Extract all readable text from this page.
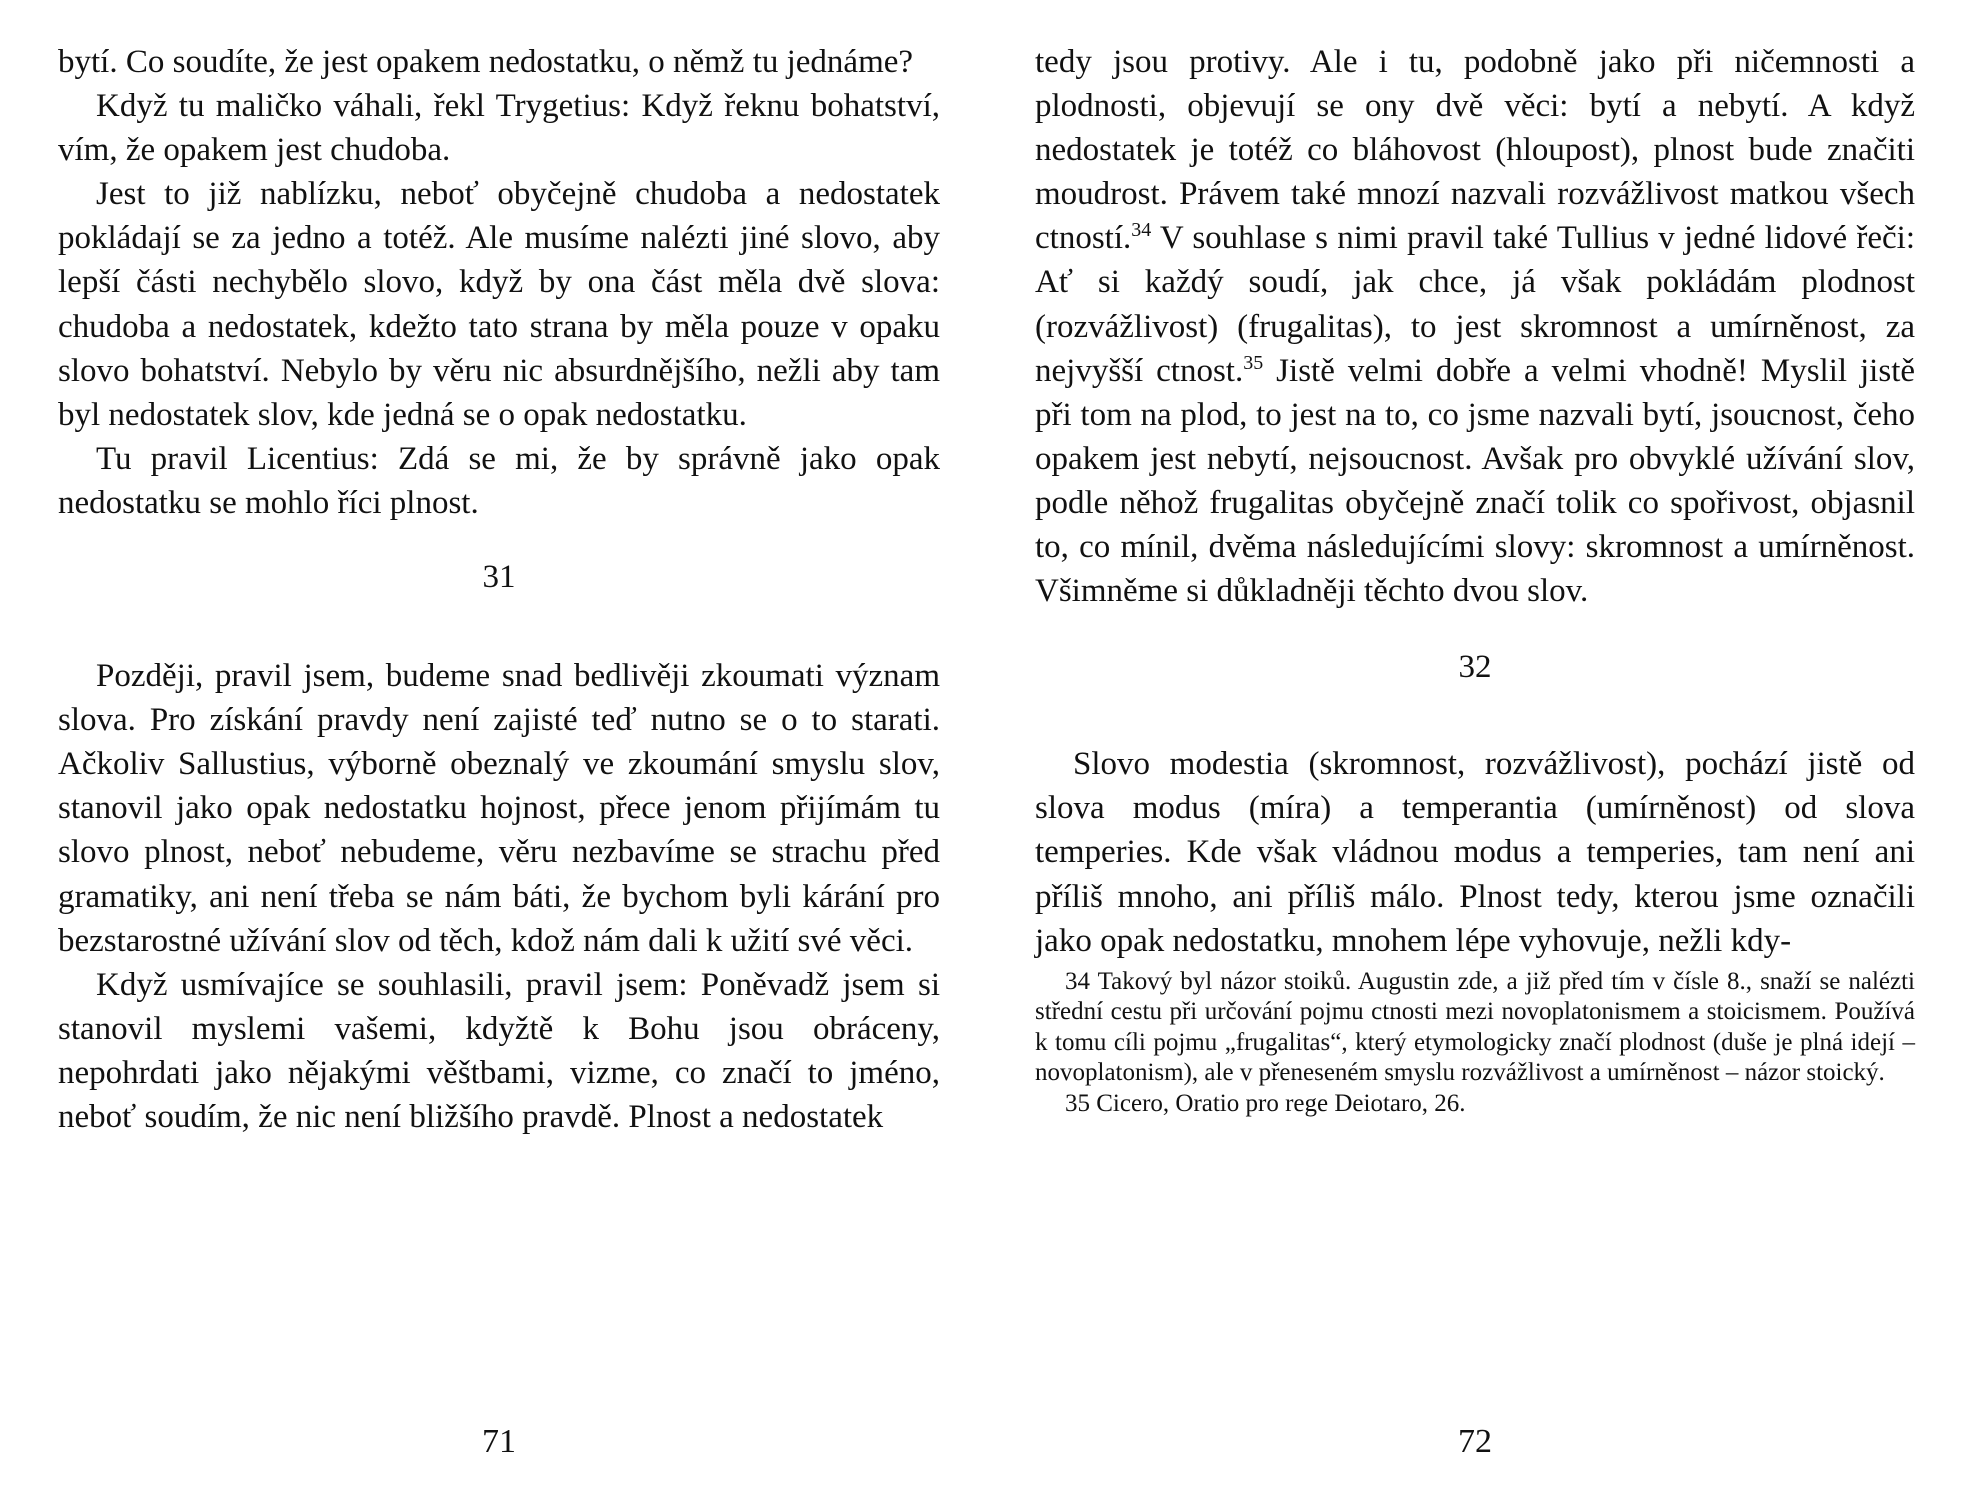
bytí. Co soudíte, že jest opakem nedostatku, o němž tu jednáme?

Když tu maličko váhali, řekl Trygetius: Když řeknu bohatství, vím, že opakem jest chudoba.

Jest to již nablízku, neboť obyčejně chudoba a nedostatek pokládají se za jedno a totéž. Ale musíme nalézti jiné slovo, aby lepší části nechybělo slovo, když by ona část měla dvě slova: chudoba a nedostatek, kdežto tato strana by měla pouze v opaku slovo bohatství. Nebylo by věru nic absurdnějšího, nežli aby tam byl nedostatek slov, kde jedná se o opak nedostatku.

Tu pravil Licentius: Zdá se mi, že by správně jako opak nedostatku se mohlo říci plnost.

31

Později, pravil jsem, budeme snad bedlivěji zkoumati význam slova. Pro získání pravdy není zajisté teď nutno se o to starati. Ačkoliv Sallustius, výborně obeznalý ve zkoumání smyslu slov, stanovil jako opak nedostatku hojnost, přece jenom přijímám tu slovo plnost, neboť nebudeme, věru nezbavíme se strachu před gramatiky, ani není třeba se nám báti, že bychom byli kárání pro bezstarostné užívání slov od těch, kdož nám dali k užití své věci.

Když usmívajíce se souhlasili, pravil jsem: Poněvadž jsem si stanovil myslemi vašemi, kdyžtě k Bohu jsou obráceny, nepohrdati jako nějakými věštbami, vizme, co značí to jméno, neboť soudím, že nic není bližšího pravdě. Plnost a nedostatek

71

tedy jsou protivy. Ale i tu, podobně jako při ničemnosti a plodnosti, objevují se ony dvě věci: bytí a nebytí. A když nedostatek je totéž co bláhovost (hloupost), plnost bude značiti moudrost. Právem také mnozí nazvali rozvážlivost matkou všech ctností.$^{34}$ V souhlase s nimi pravil také Tullius v jedné lidové řeči: Ať si každý soudí, jak chce, já však pokládám plodnost (rozvážlivost) (frugalitas), to jest skromnost a umírněnost, za nejvyšší ctnost.$^{35}$ Jistě velmi dobře a velmi vhodně! Myslil jistě při tom na plod, to jest na to, co jsme nazvali bytí, jsoucnost, čeho opakem jest nebytí, nejsoucnost. Avšak pro obvyklé užívání slov, podle něhož frugalitas obyčejně značí tolik co spořivost, objasnil to, co mínil, dvěma následujícími slovy: skromnost a umírněnost. Všimněme si důkladněji těchto dvou slov.

32

Slovo modestia (skromnost, rozvážlivost), pochází jistě od slova modus (míra) a temperantia (umírněnost) od slova temperies. Kde však vládnou modus a temperies, tam není ani příliš mnoho, ani příliš málo. Plnost tedy, kterou jsme označili jako opak nedostatku, mnohem lépe vyhovuje, nežli kdy-

34 Takový byl názor stoiků. Augustin zde, a již před tím v čísle 8., snaží se nalézti střední cestu při určování pojmu ctnosti mezi novoplatonismem a stoicismem. Používá k tomu cíli pojmu „frugalitas“, který etymologicky značí plodnost (duše je plná idejí – novoplatonism), ale v přeneseném smyslu rozvážlivost a umírněnost – názor stoický.

35 Cicero, Oratio pro rege Deiotaro, 26.

72
